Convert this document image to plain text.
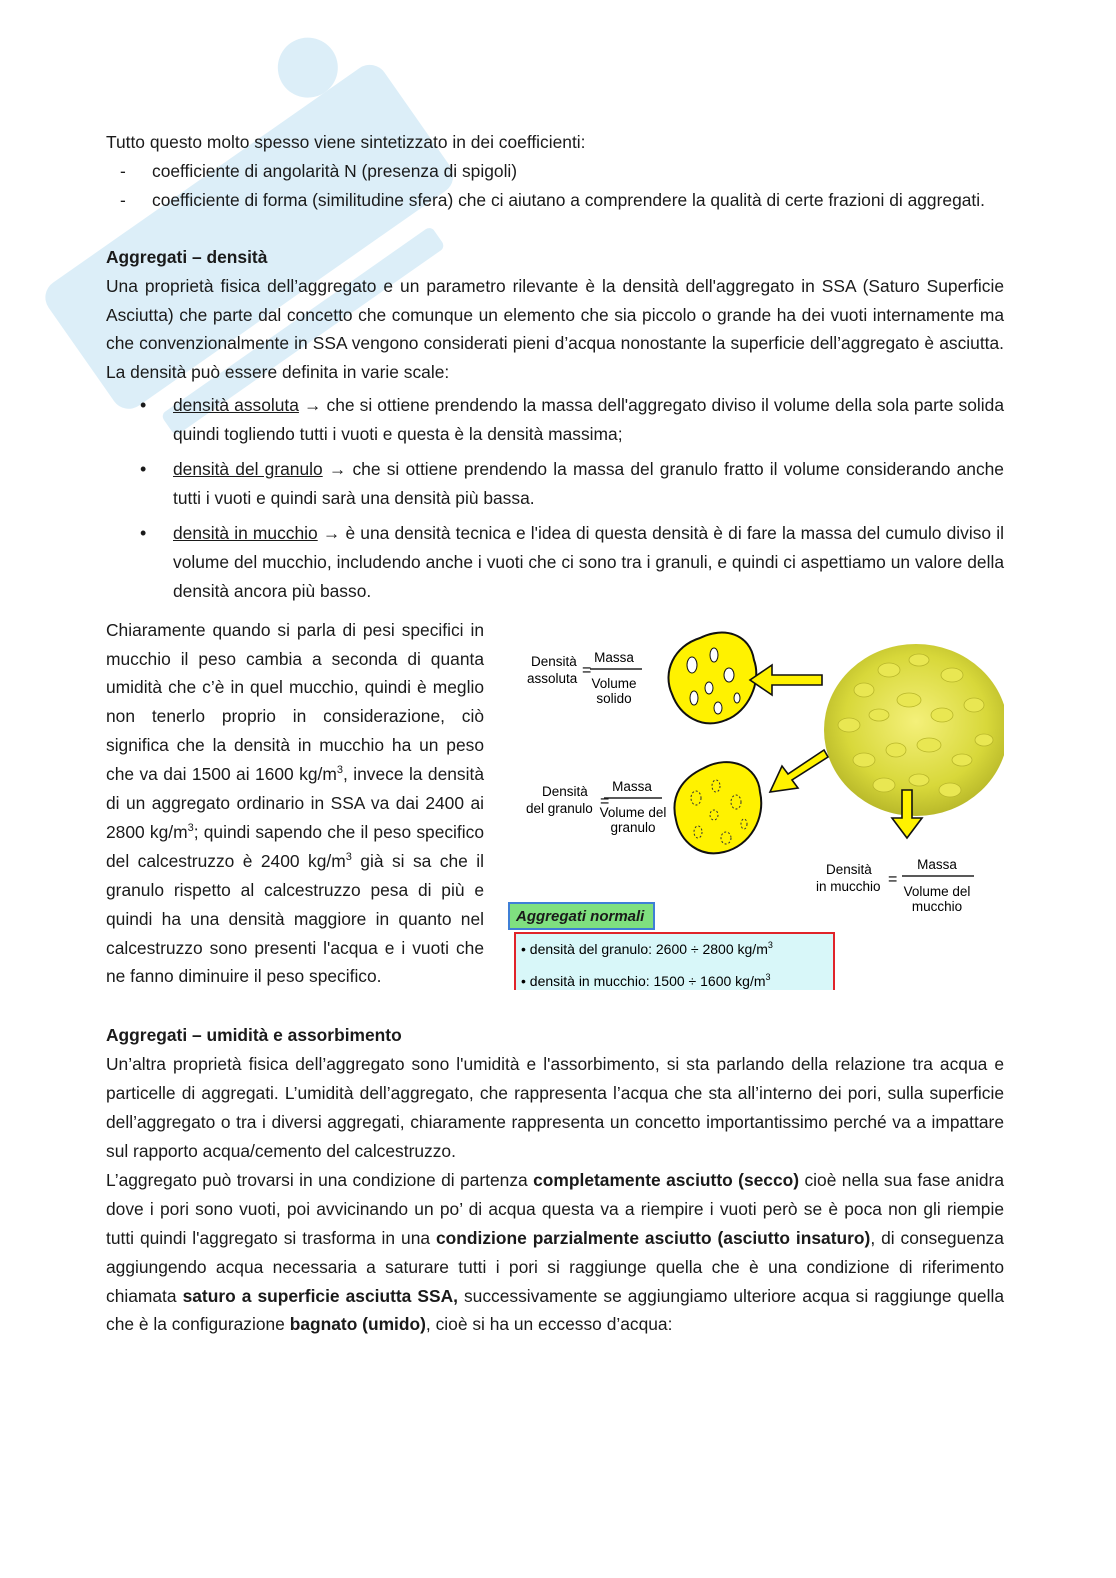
Tutto questo molto spesso viene sintetizzato in dei coefficienti:

- coefficiente di angolarità N (presenza di spigoli)
- coefficiente di forma (similitudine sfera) che ci aiutano a comprendere la qualità di certe frazioni di aggregati.

Aggregati – densità

Una proprietà fisica dell’aggregato e un parametro rilevante è la densità dell'aggregato in SSA (Saturo Superficie Asciutta) che parte dal concetto che comunque un elemento che sia piccolo o grande ha dei vuoti internamente ma che convenzionalmente in SSA vengono considerati pieni d’acqua nonostante la superficie dell’aggregato è asciutta. La densità può essere definita in varie scale:

• densità assoluta → che si ottiene prendendo la massa dell'aggregato diviso il volume della sola parte solida quindi togliendo tutti i vuoti e questa è la densità massima;
• densità del granulo → che si ottiene prendendo la massa del granulo fratto il volume considerando anche tutti i vuoti e quindi sarà una densità più bassa.
• densità in mucchio → è una densità tecnica e l'idea di questa densità è di fare la massa del cumulo diviso il volume del mucchio, includendo anche i vuoti che ci sono tra i granuli, e quindi ci aspettiamo un valore della densità ancora più basso.

Chiaramente quando si parla di pesi specifici in mucchio il peso cambia a seconda di quanta umidità che c’è in quel mucchio, quindi è meglio non tenerlo proprio in considerazione, ciò significa che la densità in mucchio ha un peso che va dai 1500 ai 1600 $kg/m^3$, invece la densità di un aggregato ordinario in SSA va dai 2400 ai 2800 $kg/m^3$; quindi sapendo che il peso specifico del calcestruzzo è 2400 $kg/m^3$ già si sa che il granulo rispetto al calcestruzzo pesa di più e quindi ha una densità maggiore in quanto nel calcestruzzo sono presenti l'acqua e i vuoti che ne fanno diminuire il peso specifico.

Densità
assoluta =
Massa
Volume
solido
Densità
del granulo =
Massa
Volume del
granulo
Densità
in mucchio =
Massa
Volume del
mucchio
Aggregati normali
• densità del granulo: 2600 ÷ 2800 $kg/m^3$
• densità in mucchio: 1500 ÷ 1600 $kg/m^3$

Aggregati – umidità e assorbimento

Un’altra proprietà fisica dell’aggregato sono l'umidità e l'assorbimento, si sta parlando della relazione tra acqua e particelle di aggregati. L’umidità dell’aggregato, che rappresenta l’acqua che sta all’interno dei pori, sulla superficie dell’aggregato o tra i diversi aggregati, chiaramente rappresenta un concetto importantissimo perché va a impattare sul rapporto acqua/cemento del calcestruzzo.

L’aggregato può trovarsi in una condizione di partenza completamente asciutto (secco) cioè nella sua fase anidra dove i pori sono vuoti, poi avvicinando un po’ di acqua questa va a riempire i vuoti però se è poca non gli riempie tutti quindi l'aggregato si trasforma in una condizione parzialmente asciutto (asciutto insaturo), di conseguenza aggiungendo acqua necessaria a saturare tutti i pori si raggiunge quella che è una condizione di riferimento chiamata saturo a superficie asciutta SSA, successivamente se aggiungiamo ulteriore acqua si raggiunge quella che è la configurazione bagnato (umido), cioè si ha un eccesso d’acqua:
